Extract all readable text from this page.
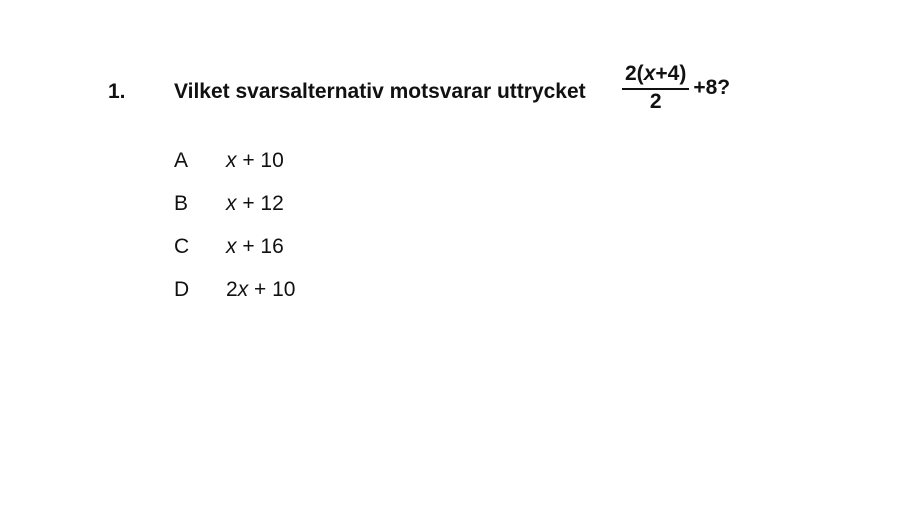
1. Vilket svarsalternativ motsvarar uttrycket $\frac{2(x+4)}{2} +8$?
A x + 10
B x + 12
C x + 16
D 2x + 10
